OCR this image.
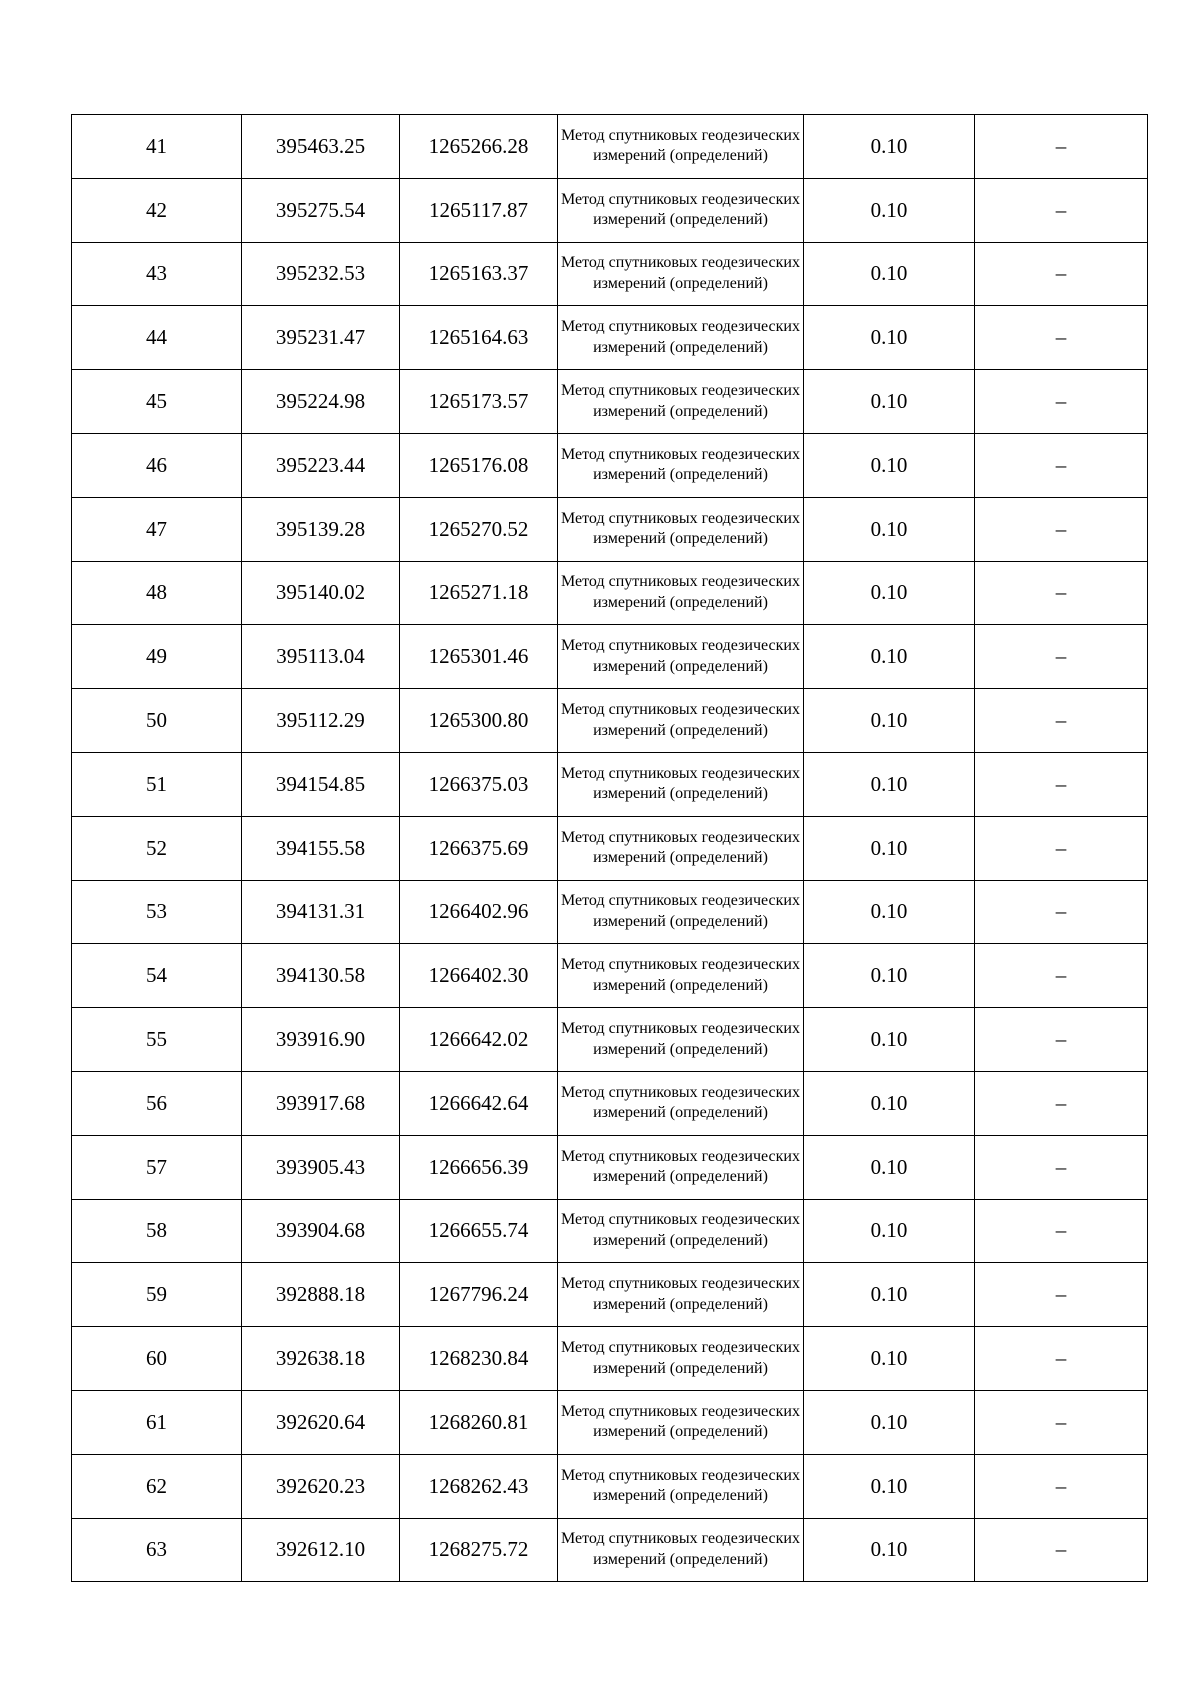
41	395463.25	1265266.28	Метод спутниковых геодезических измерений (определений)	0.10	–
42	395275.54	1265117.87	Метод спутниковых геодезических измерений (определений)	0.10	–
43	395232.53	1265163.37	Метод спутниковых геодезических измерений (определений)	0.10	–
44	395231.47	1265164.63	Метод спутниковых геодезических измерений (определений)	0.10	–
45	395224.98	1265173.57	Метод спутниковых геодезических измерений (определений)	0.10	–
46	395223.44	1265176.08	Метод спутниковых геодезических измерений (определений)	0.10	–
47	395139.28	1265270.52	Метод спутниковых геодезических измерений (определений)	0.10	–
48	395140.02	1265271.18	Метод спутниковых геодезических измерений (определений)	0.10	–
49	395113.04	1265301.46	Метод спутниковых геодезических измерений (определений)	0.10	–
50	395112.29	1265300.80	Метод спутниковых геодезических измерений (определений)	0.10	–
51	394154.85	1266375.03	Метод спутниковых геодезических измерений (определений)	0.10	–
52	394155.58	1266375.69	Метод спутниковых геодезических измерений (определений)	0.10	–
53	394131.31	1266402.96	Метод спутниковых геодезических измерений (определений)	0.10	–
54	394130.58	1266402.30	Метод спутниковых геодезических измерений (определений)	0.10	–
55	393916.90	1266642.02	Метод спутниковых геодезических измерений (определений)	0.10	–
56	393917.68	1266642.64	Метод спутниковых геодезических измерений (определений)	0.10	–
57	393905.43	1266656.39	Метод спутниковых геодезических измерений (определений)	0.10	–
58	393904.68	1266655.74	Метод спутниковых геодезических измерений (определений)	0.10	–
59	392888.18	1267796.24	Метод спутниковых геодезических измерений (определений)	0.10	–
60	392638.18	1268230.84	Метод спутниковых геодезических измерений (определений)	0.10	–
61	392620.64	1268260.81	Метод спутниковых геодезических измерений (определений)	0.10	–
62	392620.23	1268262.43	Метод спутниковых геодезических измерений (определений)	0.10	–
63	392612.10	1268275.72	Метод спутниковых геодезических измерений (определений)	0.10	–
